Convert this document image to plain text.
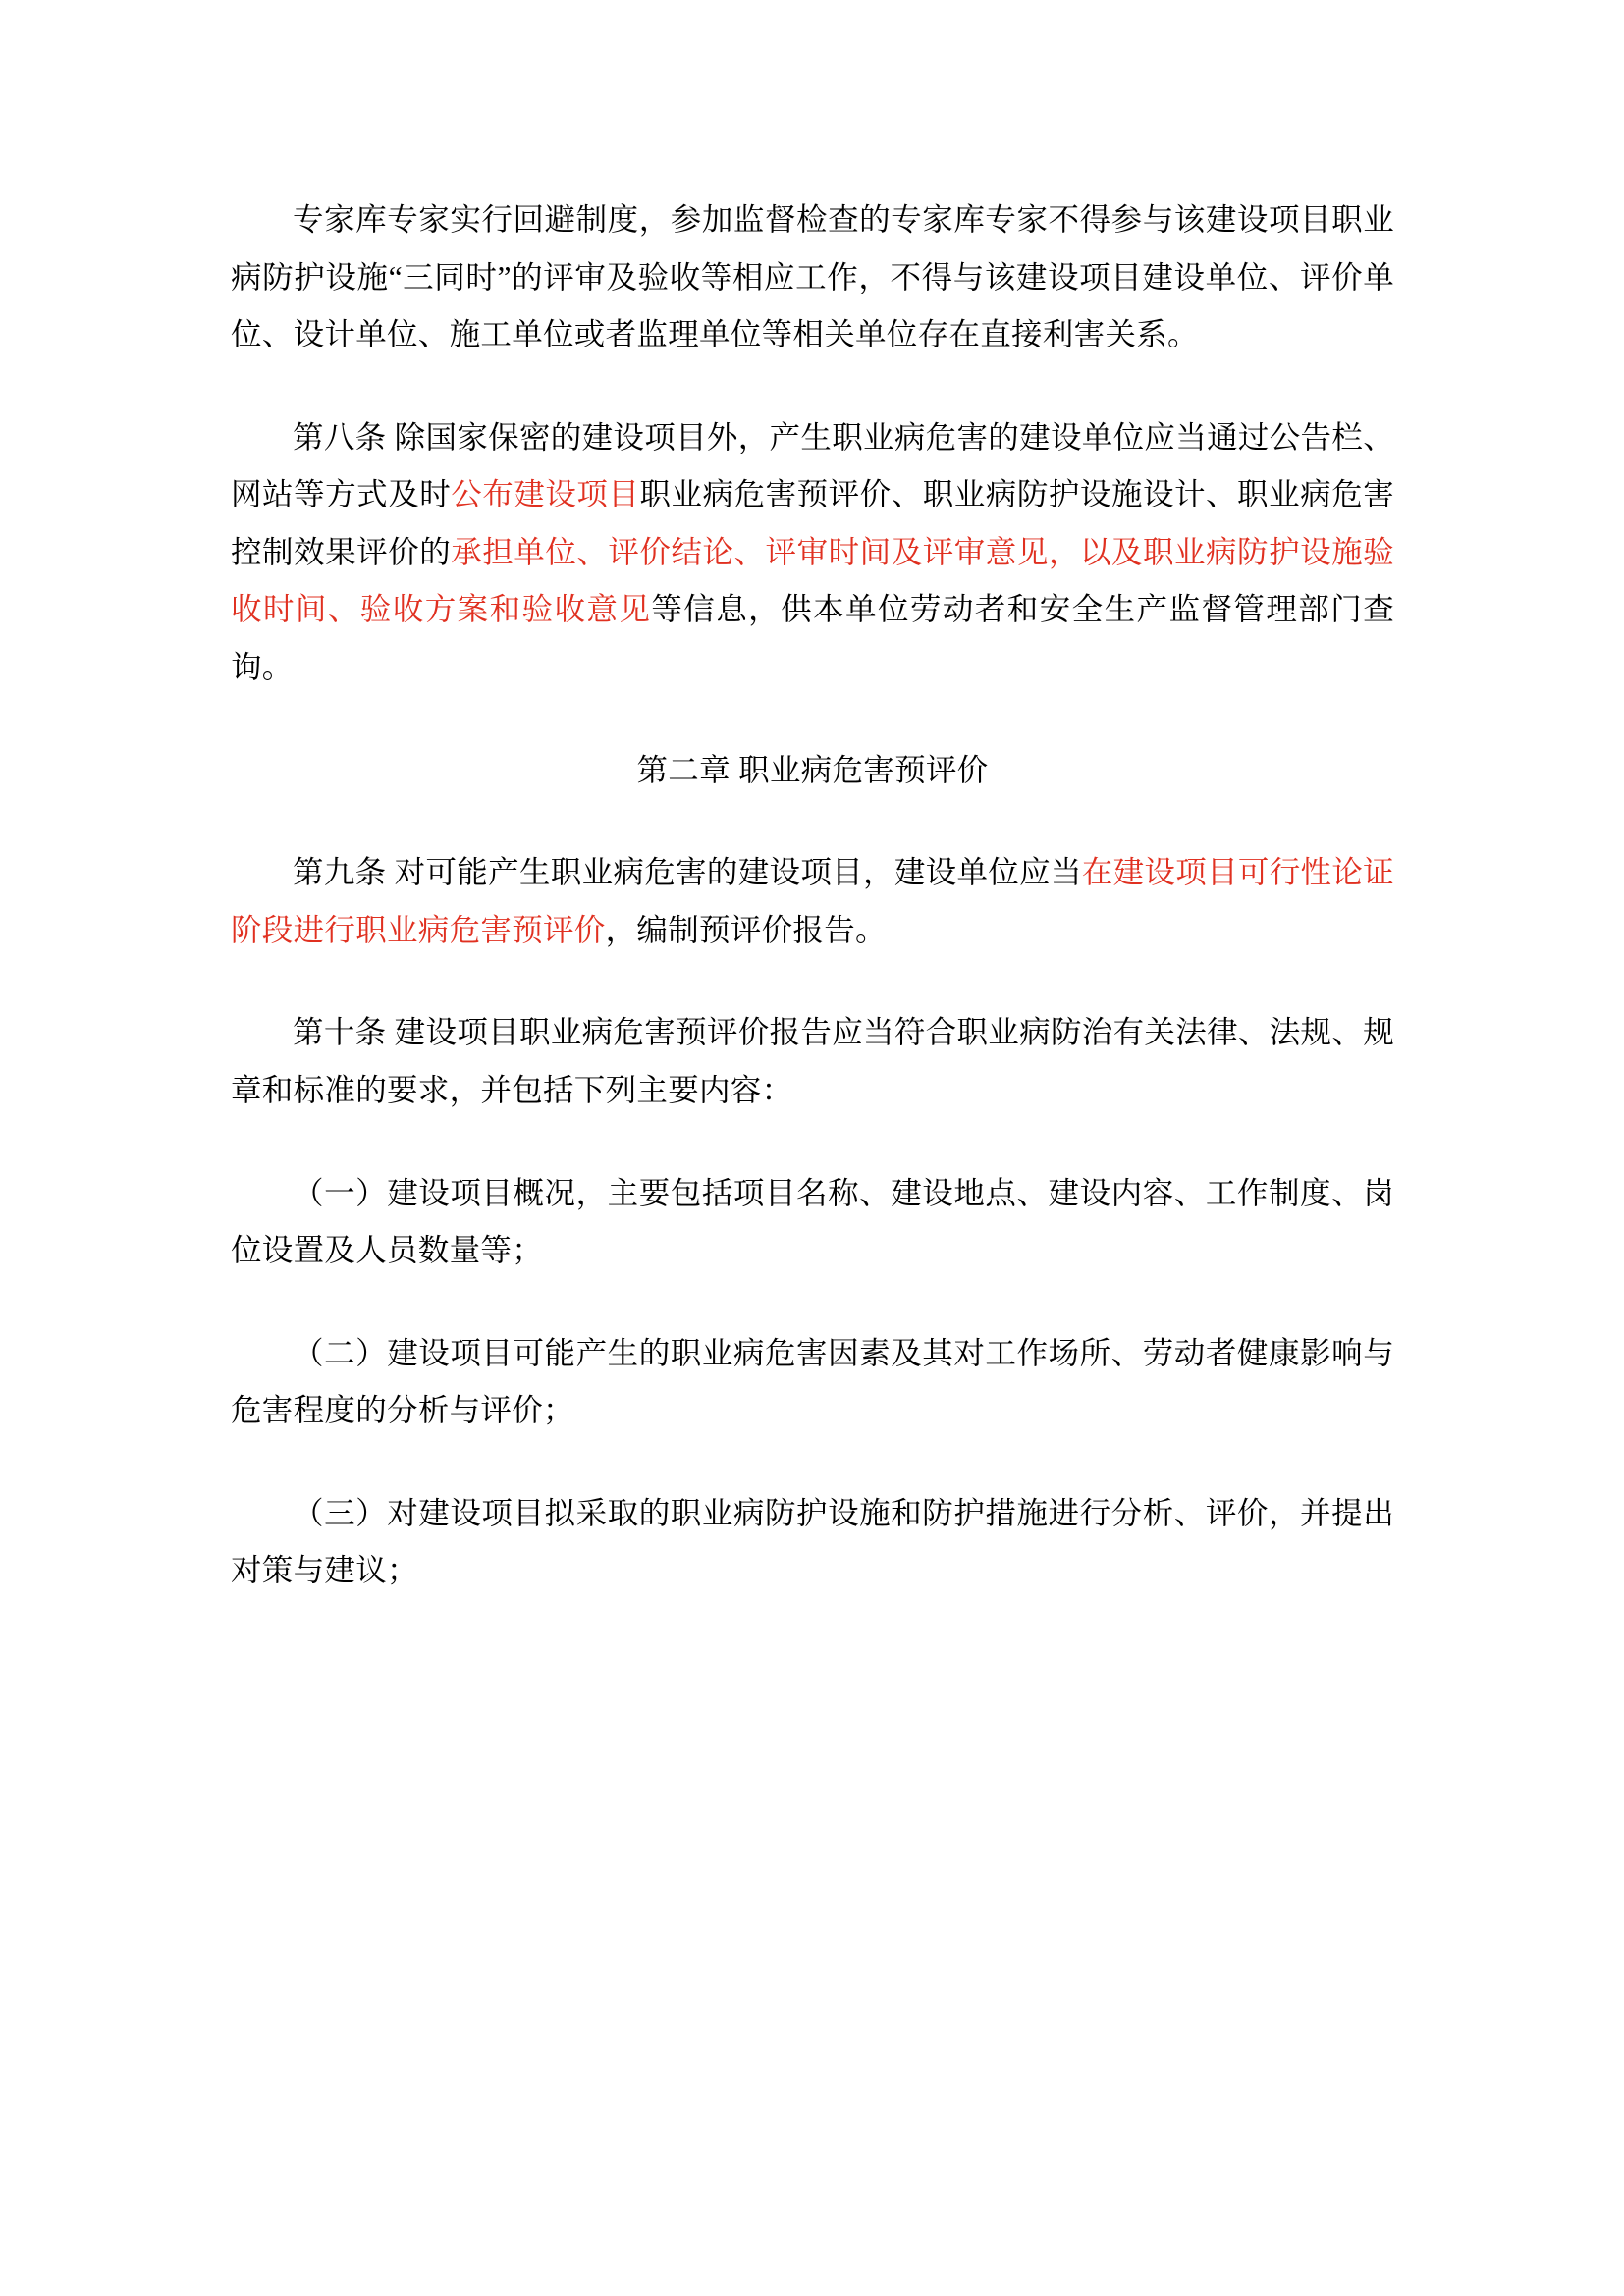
专家库专家实行回避制度，参加监督检查的专家库专家不得参与该建设项目职业病防护设施“三同时”的评审及验收等相应工作，不得与该建设项目建设单位、评价单位、设计单位、施工单位或者监理单位等相关单位存在直接利害关系。

第八条 除国家保密的建设项目外，产生职业病危害的建设单位应当通过公告栏、网站等方式及时公布建设项目职业病危害预评价、职业病防护设施设计、职业病危害控制效果评价的承担单位、评价结论、评审时间及评审意见，以及职业病防护设施验收时间、验收方案和验收意见等信息，供本单位劳动者和安全生产监督管理部门查询。

第二章 职业病危害预评价

第九条 对可能产生职业病危害的建设项目，建设单位应当在建设项目可行性论证阶段进行职业病危害预评价，编制预评价报告。

第十条 建设项目职业病危害预评价报告应当符合职业病防治有关法律、法规、规章和标准的要求，并包括下列主要内容：

（一）建设项目概况，主要包括项目名称、建设地点、建设内容、工作制度、岗位设置及人员数量等；

（二）建设项目可能产生的职业病危害因素及其对工作场所、劳动者健康影响与危害程度的分析与评价；

（三）对建设项目拟采取的职业病防护设施和防护措施进行分析、评价，并提出对策与建议；
